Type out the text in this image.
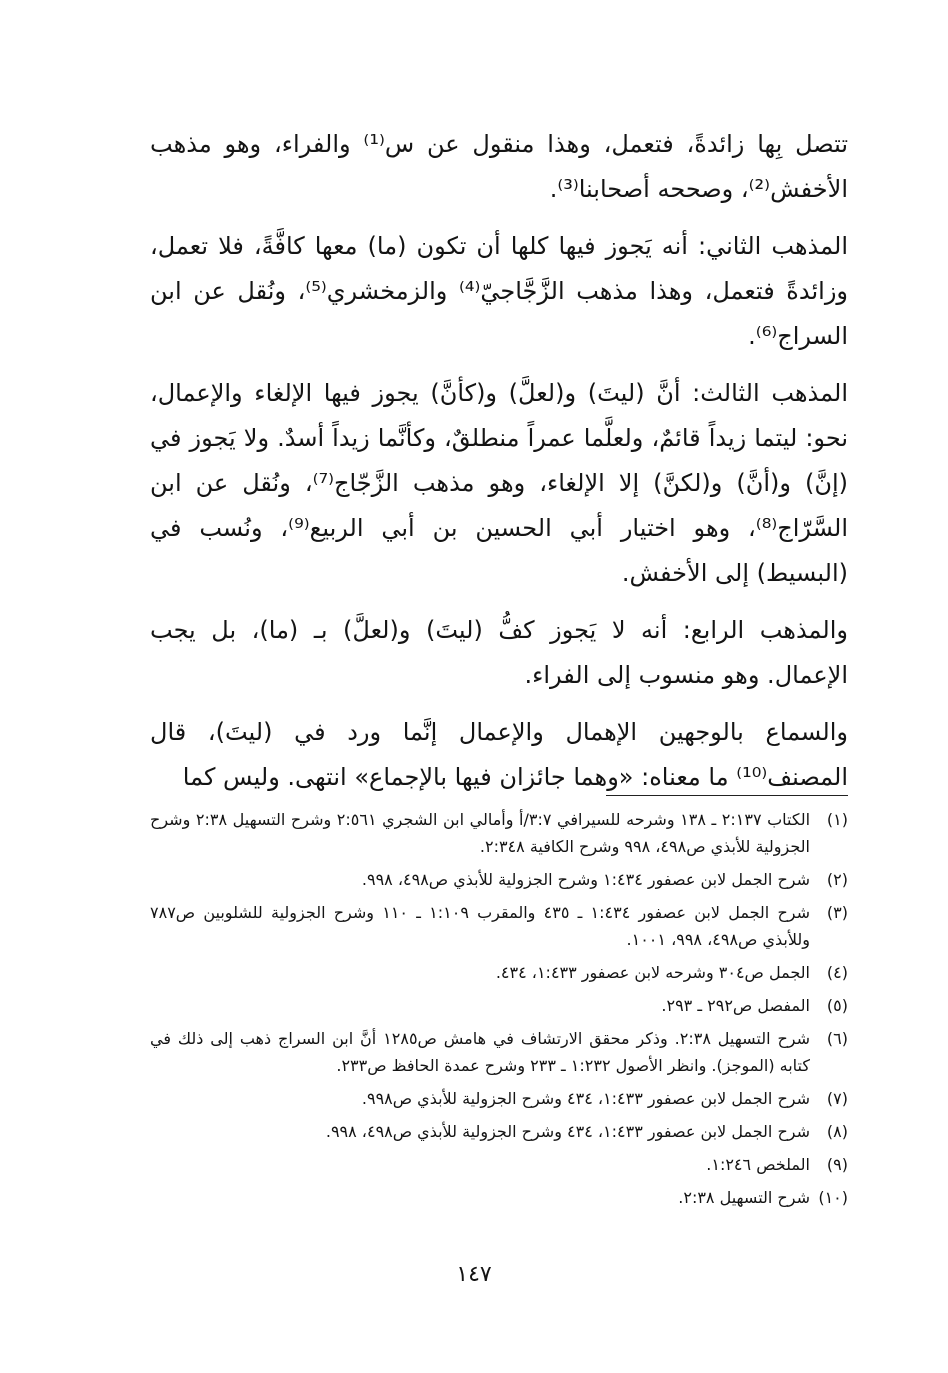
تتصل بِها زائدةً، فتعمل، وهذا منقول عن س⁽¹⁾ والفراء، وهو مذهب الأخفش⁽²⁾، وصححه أصحابنا⁽³⁾.

المذهب الثاني: أنه يَجوز فيها كلها أن تكون (ما) معها كافَّةً، فلا تعمل، وزائدةً فتعمل، وهذا مذهب الزَّجَّاجيّ⁽⁴⁾ والزمخشري⁽⁵⁾، ونُقل عن ابن السراج⁽⁶⁾.

المذهب الثالث: أنَّ (ليتَ) و(لعلَّ) و(كأنَّ) يجوز فيها الإلغاء والإعمال، نحو: ليتما زيداً قائمٌ، ولعلَّما عمراً منطلقٌ، وكأنَّما زيداً أسدٌ. ولا يَجوز في (إنَّ) و(أنَّ) و(لكنَّ) إلا الإلغاء، وهو مذهب الزَّجّاج⁽⁷⁾، ونُقل عن ابن السَّرّاج⁽⁸⁾، وهو اختيار أبي الحسين بن أبي الربيع⁽⁹⁾، ونُسب في (البسيط) إلى الأخفش.

والمذهب الرابع: أنه لا يَجوز كفُّ (ليتَ) و(لعلَّ) بـ (ما)، بل يجب الإعمال. وهو منسوب إلى الفراء.

والسماع بالوجهين الإهمال والإعمال إنَّما ورد في (ليتَ)، قال المصنف⁽¹⁰⁾ ما معناه: «وهما جائزان فيها بالإجماع» انتهى. وليس كما

(١)
الكتاب ٢:١٣٧ ـ ١٣٨ وشرحه للسيرافي ٣:٧/أ وأمالي ابن الشجري ٢:٥٦١ وشرح التسهيل ٢:٣٨ وشرح الجزولية للأبذي ص٤٩٨، ٩٩٨ وشرح الكافية ٢:٣٤٨.
(٢)
شرح الجمل لابن عصفور ١:٤٣٤ وشرح الجزولية للأبذي ص٤٩٨، ٩٩٨.
(٣)
شرح الجمل لابن عصفور ١:٤٣٤ ـ ٤٣٥ والمقرب ١:١٠٩ ـ ١١٠ وشرح الجزولية للشلوبين ص٧٨٧ وللأبذي ص٤٩٨، ٩٩٨، ١٠٠١.
(٤)
الجمل ص٣٠٤ وشرحه لابن عصفور ١:٤٣٣، ٤٣٤.
(٥)
المفصل ص٢٩٢ ـ ٢٩٣.
(٦)
شرح التسهيل ٢:٣٨. وذكر محقق الارتشاف في هامش ص١٢٨٥ أنَّ ابن السراج ذهب إلى ذلك في كتابه (الموجز). وانظر الأصول ١:٢٣٢ ـ ٢٣٣ وشرح عمدة الحافظ ص٢٣٣.
(٧)
شرح الجمل لابن عصفور ١:٤٣٣، ٤٣٤ وشرح الجزولية للأبذي ص٩٩٨.
(٨)
شرح الجمل لابن عصفور ١:٤٣٣، ٤٣٤ وشرح الجزولية للأبذي ص٤٩٨، ٩٩٨.
(٩)
الملخص ١:٢٤٦.
(١٠)
شرح التسهيل ٢:٣٨.
١٤٧
